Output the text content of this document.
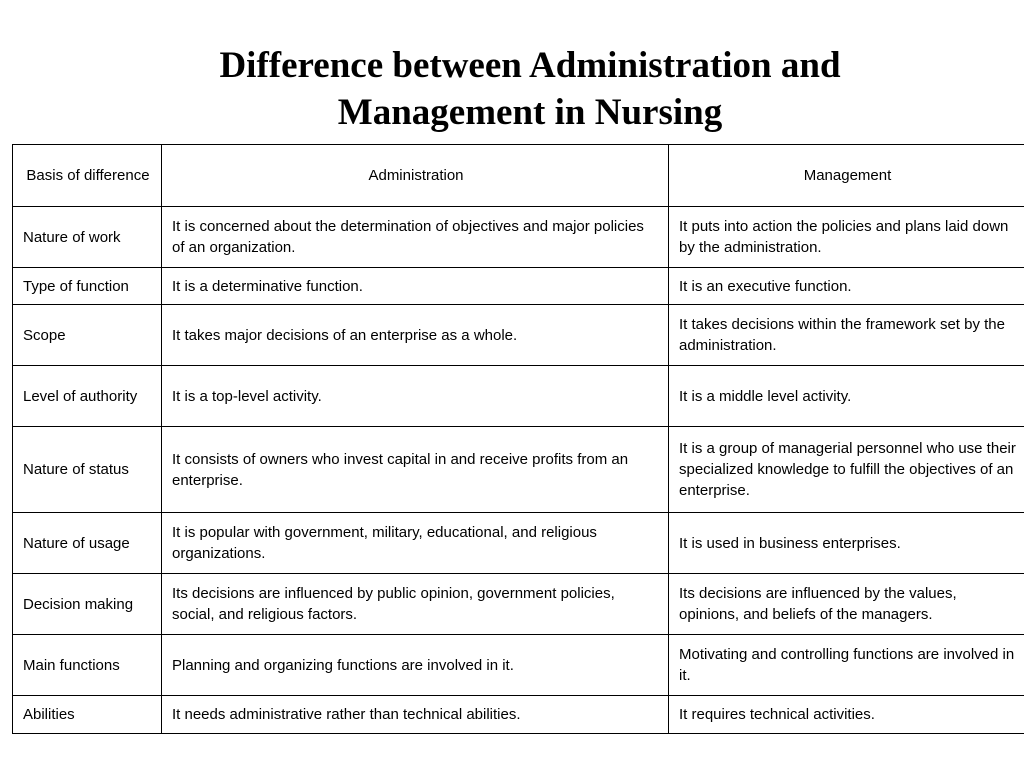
Difference between Administration and
Management in Nursing
Basis of difference	Administration	Management
Nature of work	It is concerned about the determination of objectives and major policies of an organization.	It puts into action the policies and plans laid down by the administration.
Type of function	It is a determinative function.	It is an executive function.
Scope	It takes major decisions of an enterprise as a whole.	It takes decisions within the framework set by the administration.
Level of authority	It is a top-level activity.	It is a middle level activity.
Nature of status	It consists of owners who invest capital in and receive profits from an enterprise.	It is a group of managerial personnel who use their specialized knowledge to fulfill the objectives of an enterprise.
Nature of usage	It is popular with government, military, educational, and religious organizations.	It is used in business enterprises.
Decision making	Its decisions are influenced by public opinion, government policies, social, and religious factors.	Its decisions are influenced by the values, opinions, and beliefs of the managers.
Main functions	Planning and organizing functions are involved in it.	Motivating and controlling functions are involved in it.
Abilities	It needs administrative rather than technical abilities.	It requires technical activities.
